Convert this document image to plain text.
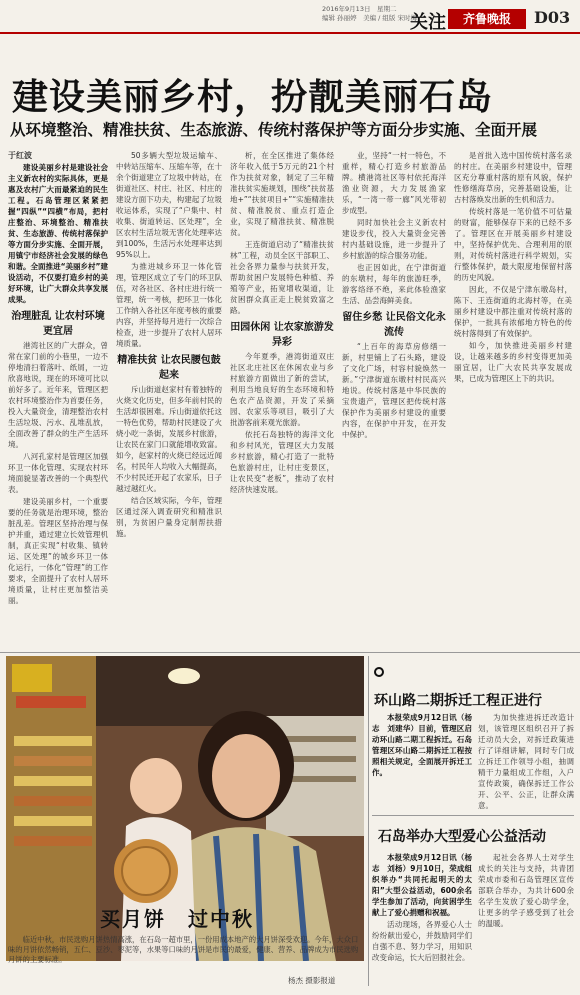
2016年9月13日　星期二
编辑 孙丽婷　美编 / 组版 宋时梅
关注	齐鲁晚报	D03
建设美丽乡村，扮靓美丽石岛
从环境整治、精准扶贫、生态旅游、传统村落保护等方面分步实施、全面开展

于红波

建设美丽乡村是建设社会主义新农村的实际具体，更是惠及农村广大而最紧迫的民生工程。石岛管理区紧紧把握“四纵”“四横”布局，把村庄整治、环境整治、精准扶贫、生态旅游、传统村落保护等方面分步实施、全面开展，用镇宁市经济社会发展的绿色和谐。全面推进“美丽乡村”建设活动，不仅要打造乡村的美好环境，让广大群众共享发展成果。

治理脏乱 让农村环境更宜居

港湾社区的广大群众，曾常在家门前的小巷里，一边不停地清扫着落叶、纸屑，一边欣喜地说，现在的环境可比以前好多了。近年来，管理区把农村环境整治作为首要任务，投入大量资金，清理整治农村生活垃圾、污水、乱堆乱放，全面改善了群众的生产生活环境。

八河孔家村是管理区加强环卫一体化管理、实现农村环境面貌显著改善的一个典型代表。

建设美丽乡村，一个重要要的任务就是治理环境，整治脏乱差。管理区坚持治理与保护并重，通过建立长效管理机制，真正实现“村收集、镇转运、区处理”的城乡环卫一体化运行，一体化“管理”的工作要求，全面提升了农村人居环境质量，让村庄更加整洁美丽。

50多辆大型垃圾运输车、中转站压缩车、压缩车等，在十余个街道建立了垃圾中转站，在街道社区、村庄、社区、村庄的建设方面下功夫，构建起了垃圾收运体系，实现了“户集中、村收集、街道转运、区处理”，全区农村生活垃圾无害化处理率达到100%，生活污水处理率达到95%以上。

为推进城乡环卫一体化管理，管理区成立了专门的环卫队伍，对各社区、各村庄进行统一管理，统一考核，把环卫一体化工作纳入各社区年度考核的重要内容，并坚持每月进行一次综合检查，进一步提升了农村人居环境质量。

精准扶贫 让农民腰包鼓起来

斥山街道赵家村有着独特的火烧文化历史，但多年前村民的生活却很困难。斥山街道依托这一特色优势，帮助村民建设了火烧小吃一条街，发展乡村旅游，让农民在家门口就能增收致富。如今，赵家村的火烧已经远近闻名，村民年人均收入大幅提高，不少村民还开起了农家乐，日子越过越红火。

结合区域实际，今年，管理区通过深入调查研究和精准识别，为贫困户量身定制帮扶措施。

析，在全区推进了集体经济年收入低于5万元的21个村作为扶贫对象，制定了三年精准扶贫实施规划，围绕“扶贫基地+”“扶贫项目+”“实施精准扶贫、精准脱贫、重点打造企业，实现了精准扶贫、精准脱贫。

王连街道启动了“精准扶贫林”工程，动员全区干部职工、社会各界力量参与扶贫开发，帮助贫困户发展特色种植、养殖等产业，拓宽增收渠道，让贫困群众真正走上脱贫致富之路。

田园休闲 让农家旅游发异彩

今年夏季，港湾街道双庄社区北庄社区在休闲农业与乡村旅游方面做出了新的尝试，利用当地良好的生态环境和特色农产品资源，开发了采摘园、农家乐等项目，吸引了大批游客前来观光旅游。

依托石岛独特的海洋文化和乡村风光，管理区大力发展乡村旅游，精心打造了一批特色旅游村庄，让村庄变景区，让农民变“老板”，推动了农村经济快速发展。

业，坚持“一村一特色，不重样，精心打造乡村旅游品牌。横港湾社区等村依托海洋渔业资源，大力发展渔家乐，“一湾一带一廊”风光带初步成型。

同时加快社会主义新农村建设步伐，投入大量资金完善村内基础设施，进一步提升了乡村旅游的综合服务功能。

也正因如此，在宁津街道的东墩村，每年的旅游旺季，游客络绎不绝，来此体验渔家生活、品尝海鲜美食。

留住乡愁 让民俗文化永流传

“上百年的海草房修缮一新，村里铺上了石头路，建设了文化广场，村容村貌焕然一新。”宁津街道东墩村村民高兴地说。传统村落是中华民族的宝贵遗产，管理区把传统村落保护作为美丽乡村建设的重要内容，在保护中开发，在开发中保护。

是首批入选中国传统村落名录的村庄。在美丽乡村建设中，管理区充分尊重村落的原有风貌，保护性修缮海草房，完善基础设施，让古村落焕发出新的生机和活力。

传统村落是一笔价值不可估量的财富，能够保存下来的已经不多了。管理区在开展美丽乡村建设中，坚持保护优先、合理利用的原则，对传统村落进行科学规划，实行整体保护，最大限度地保留村落的历史风貌。

因此，不仅是宁津东墩岛村，陈下、王连街道的北海村等，在美丽乡村建设中都注重对传统村落的保护，一批具有浓郁地方特色的传统村落得到了有效保护。

如今，加快推进美丽乡村建设，让越来越多的乡村变得更加美丽宜居，让广大农民共享发展成果，已成为管理区上下的共识。

买月饼　过中秋
临近中秋，市民选购月饼热情高涨，在石岛一超市里，一份用成本地产的大月饼深受欢迎。今年，大众口味的月饼依然畅销，五仁、豆沙、枣泥等，水果等口味的月饼是市民的最爱，健康、营养、品牌成为市民选购月饼的主要标准。
杨杰 摄影报道
环山路二期拆迁工程正进行

本报荣成9月12日讯（杨志　刘建华）目前，管理区启动环山路二期工程拆迁。石岛管理区环山路二期拆迁工程按照相关规定，全面展开拆迁工作。

为加快推进拆迁改造计划，该管理区组织召开了拆迁动员大会，对拆迁政策进行了详细讲解，同时专门成立拆迁工作领导小组，抽调精干力量组成工作组，入户宣传政策，确保拆迁工作公开、公平、公正，让群众满意。

石岛举办大型爱心公益活动

本报荣成9月12日讯（杨志　刘杨）9月10日，荣成组织举办“共同托起明天的太阳”大型公益活动，600余名学生参加了活动，向贫困学生献上了爱心捐赠和祝福。

活动现场，各界爱心人士纷纷献出爱心，并鼓励同学们自强不息、努力学习，用知识改变命运，长大后回报社会。

起社会各界人士对学生成长的关注与支持，共青团荣成市委和石岛管理区宣传部联合举办，为共计600余名学生发放了爱心助学金，让更多的学子感受到了社会的温暖。
